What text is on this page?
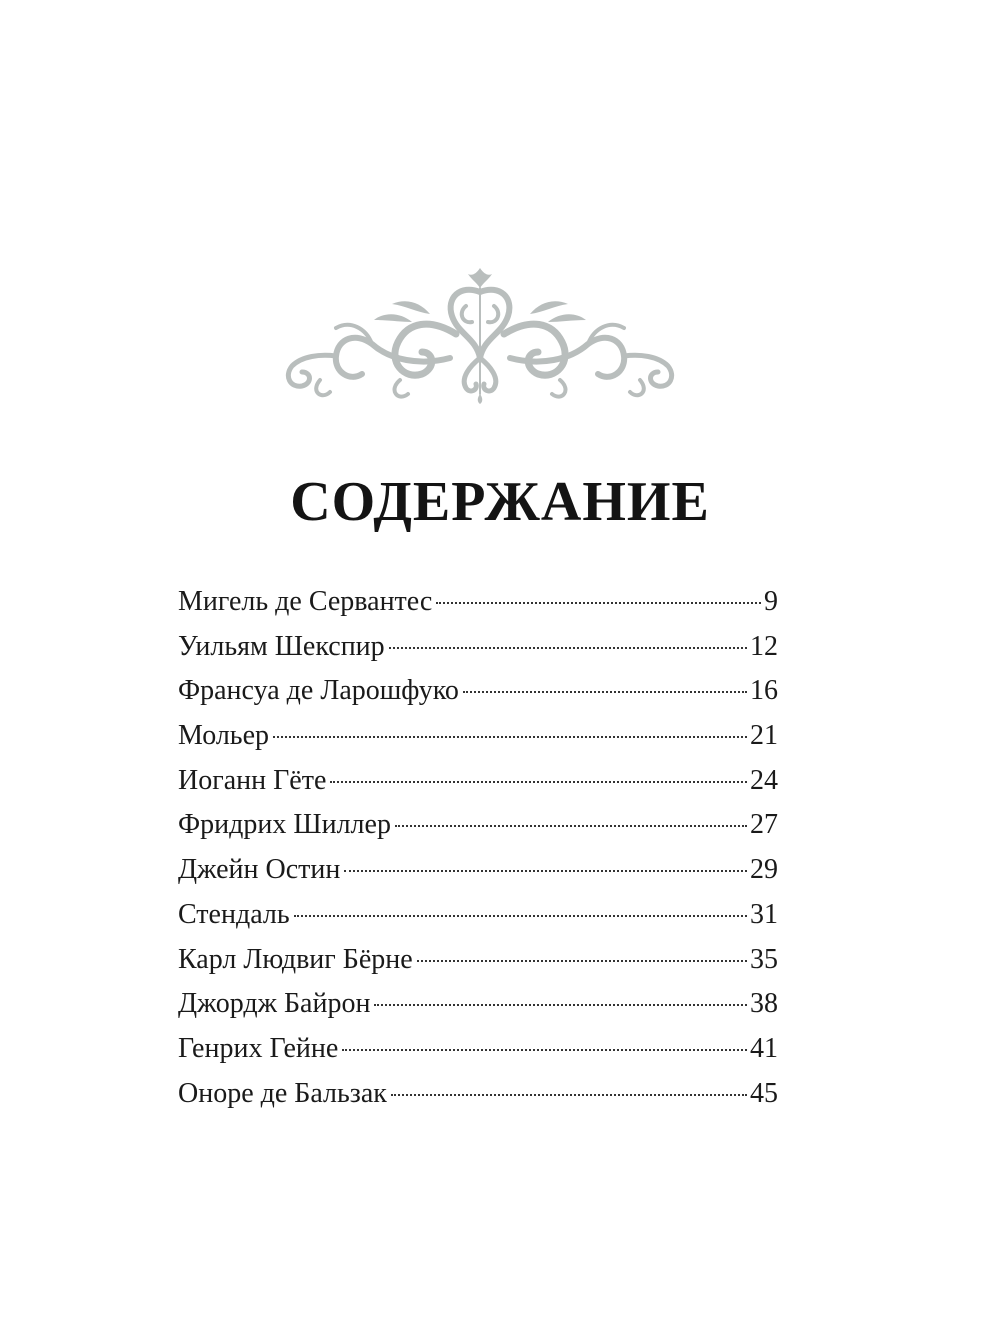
СОДЕРЖАНИЕ
Мигель де Сервантес	9
Уильям Шекспир	12
Франсуа де Ларошфуко	16
Мольер	21
Иоганн Гёте	24
Фридрих Шиллер	27
Джейн Остин	29
Стендаль	31
Карл Людвиг Бёрне	35
Джордж Байрон	38
Генрих Гейне	41
Оноре де Бальзак	45
